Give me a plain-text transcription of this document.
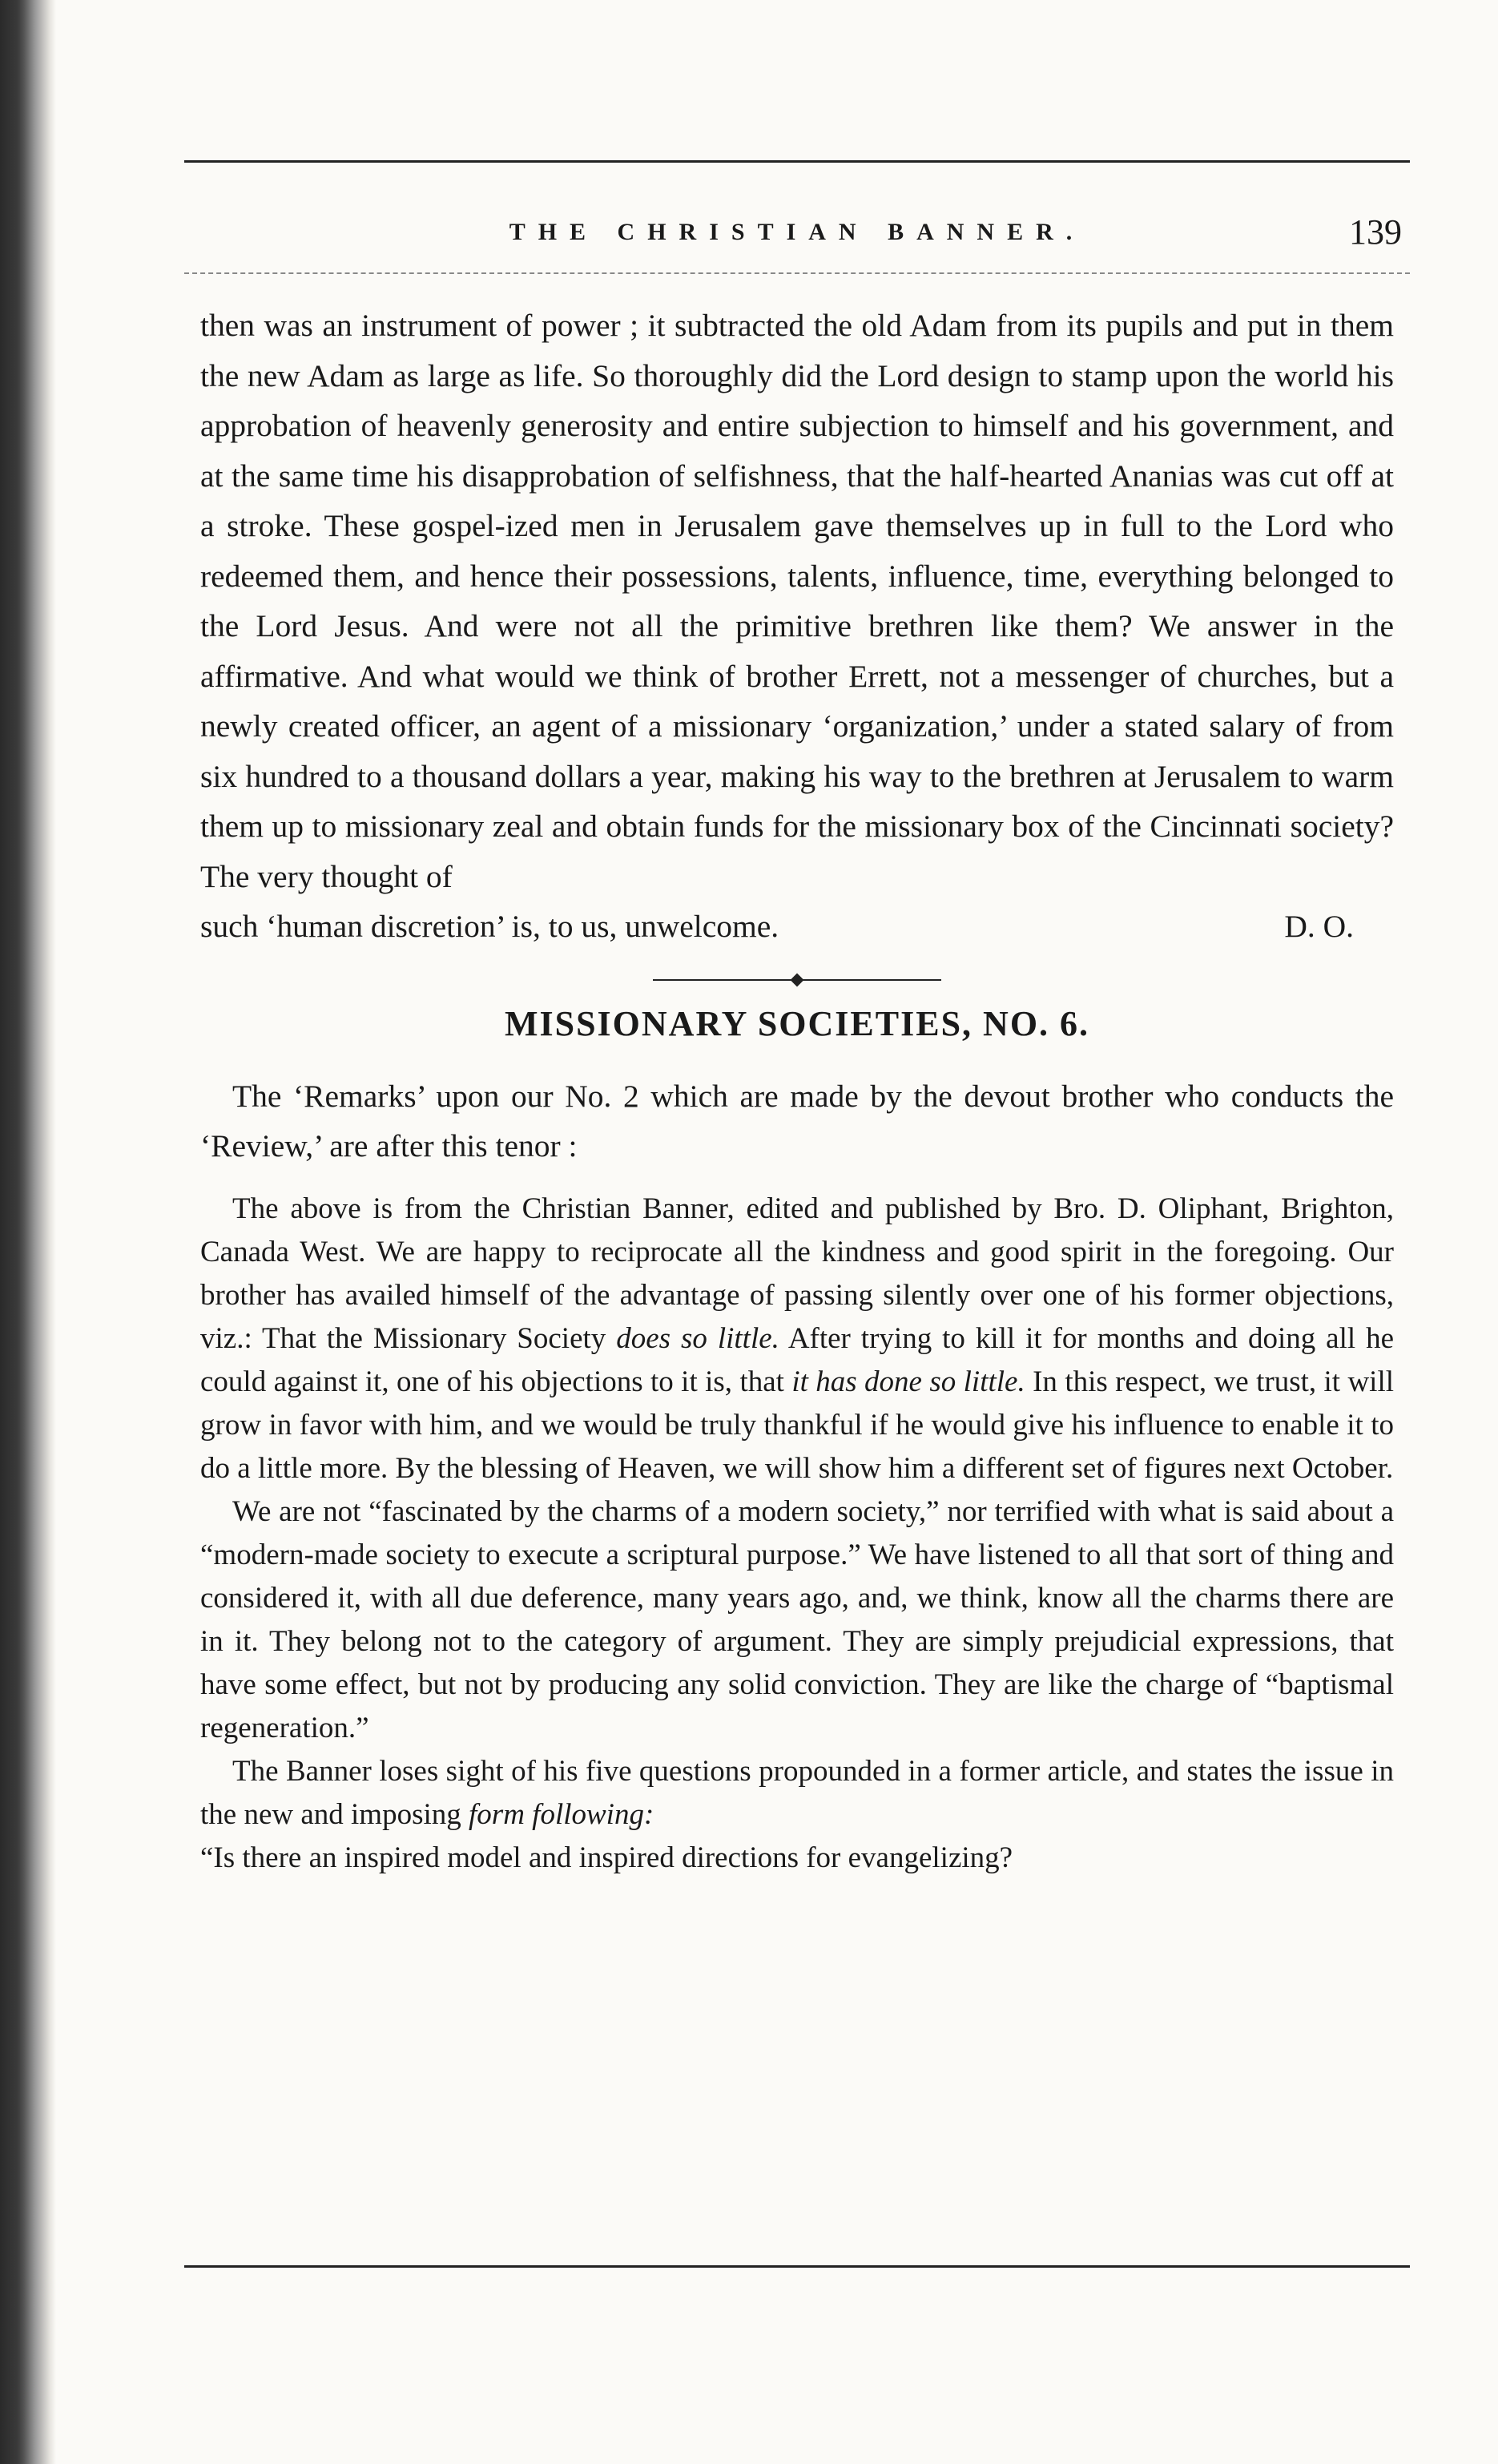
THE CHRISTIAN BANNER.	139

then was an instrument of power ; it subtracted the old Adam from its pupils and put in them the new Adam as large as life. So thoroughly did the Lord design to stamp upon the world his approbation of heavenly generosity and entire subjection to himself and his government, and at the same time his disapprobation of selfishness, that the half-hearted Ananias was cut off at a stroke. These gospel-ized men in Jerusalem gave themselves up in full to the Lord who redeemed them, and hence their possessions, talents, influence, time, everything belonged to the Lord Jesus. And were not all the primitive brethren like them? We answer in the affirmative. And what would we think of brother Errett, not a messenger of churches, but a newly created officer, an agent of a missionary ‘organization,’ under a stated salary of from six hundred to a thousand dollars a year, making his way to the brethren at Jerusalem to warm them up to missionary zeal and obtain funds for the missionary box of the Cincinnati society? The very thought of

such ‘human discretion’ is, to us, unwelcome.	D. O.

MISSIONARY SOCIETIES, NO. 6.

The ‘Remarks’ upon our No. 2 which are made by the devout brother who conducts the ‘Review,’ are after this tenor :

The above is from the Christian Banner, edited and published by Bro. D. Oliphant, Brighton, Canada West. We are happy to reciprocate all the kindness and good spirit in the foregoing. Our brother has availed himself of the advantage of passing silently over one of his former objections, viz.: That the Missionary Society does so little. After trying to kill it for months and doing all he could against it, one of his objections to it is, that it has done so little. In this respect, we trust, it will grow in favor with him, and we would be truly thankful if he would give his influence to enable it to do a little more. By the blessing of Heaven, we will show him a different set of figures next October.

We are not “fascinated by the charms of a modern society,” nor terrified with what is said about a “modern-made society to execute a scriptural purpose.” We have listened to all that sort of thing and considered it, with all due deference, many years ago, and, we think, know all the charms there are in it. They belong not to the category of argument. They are simply prejudicial expressions, that have some effect, but not by producing any solid conviction. They are like the charge of “baptismal regeneration.”

The Banner loses sight of his five questions propounded in a former article, and states the issue in the new and imposing form following:
“Is there an inspired model and inspired directions for evangelizing?
